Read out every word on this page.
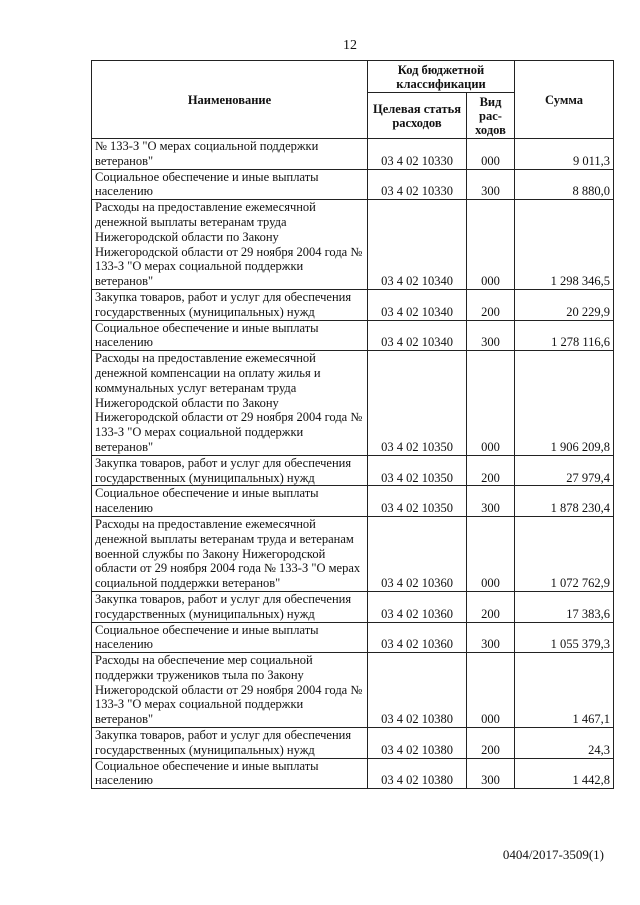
12
Наименование	Код бюджетной классификации		Сумма
	Целевая статья расходов	Вид рас-ходов	
№ 133-З "О мерах социальной поддержки ветеранов"	03 4 02 10330	000	9 011,3
Социальное обеспечение и иные выплаты населению	03 4 02 10330	300	8 880,0
Расходы на предоставление ежемесячной денежной выплаты ветеранам труда Нижегородской области по Закону Нижегородской области от 29 ноября 2004 года № 133-З "О мерах социальной поддержки ветеранов"	03 4 02 10340	000	1 298 346,5
Закупка товаров, работ и услуг для обеспечения государственных (муниципальных) нужд	03 4 02 10340	200	20 229,9
Социальное обеспечение и иные выплаты населению	03 4 02 10340	300	1 278 116,6
Расходы на предоставление ежемесячной денежной компенсации на оплату жилья и коммунальных услуг ветеранам труда Нижегородской области по Закону Нижегородской области от 29 ноября 2004 года № 133-З "О мерах социальной поддержки ветеранов"	03 4 02 10350	000	1 906 209,8
Закупка товаров, работ и услуг для обеспечения государственных (муниципальных) нужд	03 4 02 10350	200	27 979,4
Социальное обеспечение и иные выплаты населению	03 4 02 10350	300	1 878 230,4
Расходы на предоставление ежемесячной денежной выплаты ветеранам труда и ветеранам военной службы по Закону Нижегородской области от 29 ноября 2004 года № 133-З "О мерах социальной поддержки ветеранов"	03 4 02 10360	000	1 072 762,9
Закупка товаров, работ и услуг для обеспечения государственных (муниципальных) нужд	03 4 02 10360	200	17 383,6
Социальное обеспечение и иные выплаты населению	03 4 02 10360	300	1 055 379,3
Расходы на обеспечение мер социальной поддержки тружеников тыла по Закону Нижегородской области от 29 ноября 2004 года № 133-З "О мерах социальной поддержки ветеранов"	03 4 02 10380	000	1 467,1
Закупка товаров, работ и услуг для обеспечения государственных (муниципальных) нужд	03 4 02 10380	200	24,3
Социальное обеспечение и иные выплаты населению	03 4 02 10380	300	1 442,8
0404/2017-3509(1)
